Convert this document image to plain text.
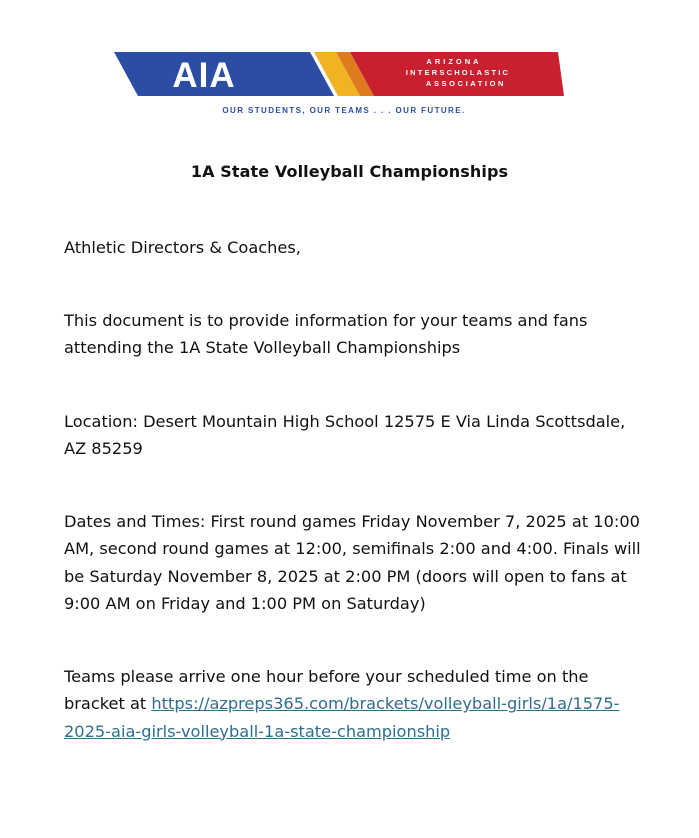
AIA	ARIZONA
INTERSCHOLASTIC
ASSOCIATION
OUR STUDENTS, OUR TEAMS . . . OUR FUTURE.
1A State Volleyball Championships
Athletic Directors & Coaches,
This document is to provide information for your teams and fans attending the 1A State Volleyball Championships
Location: Desert Mountain High School 12575 E Via Linda Scottsdale, AZ 85259
Dates and Times: First round games Friday November 7, 2025 at 10:00 AM, second round games at 12:00, semifinals 2:00 and 4:00. Finals will be Saturday November 8, 2025 at 2:00 PM (doors will open to fans at 9:00 AM on Friday and 1:00 PM on Saturday)
Teams please arrive one hour before your scheduled time on the bracket at https://azpreps365.com/brackets/volleyball-girls/1a/1575-2025-aia-girls-volleyball-1a-state-championship
